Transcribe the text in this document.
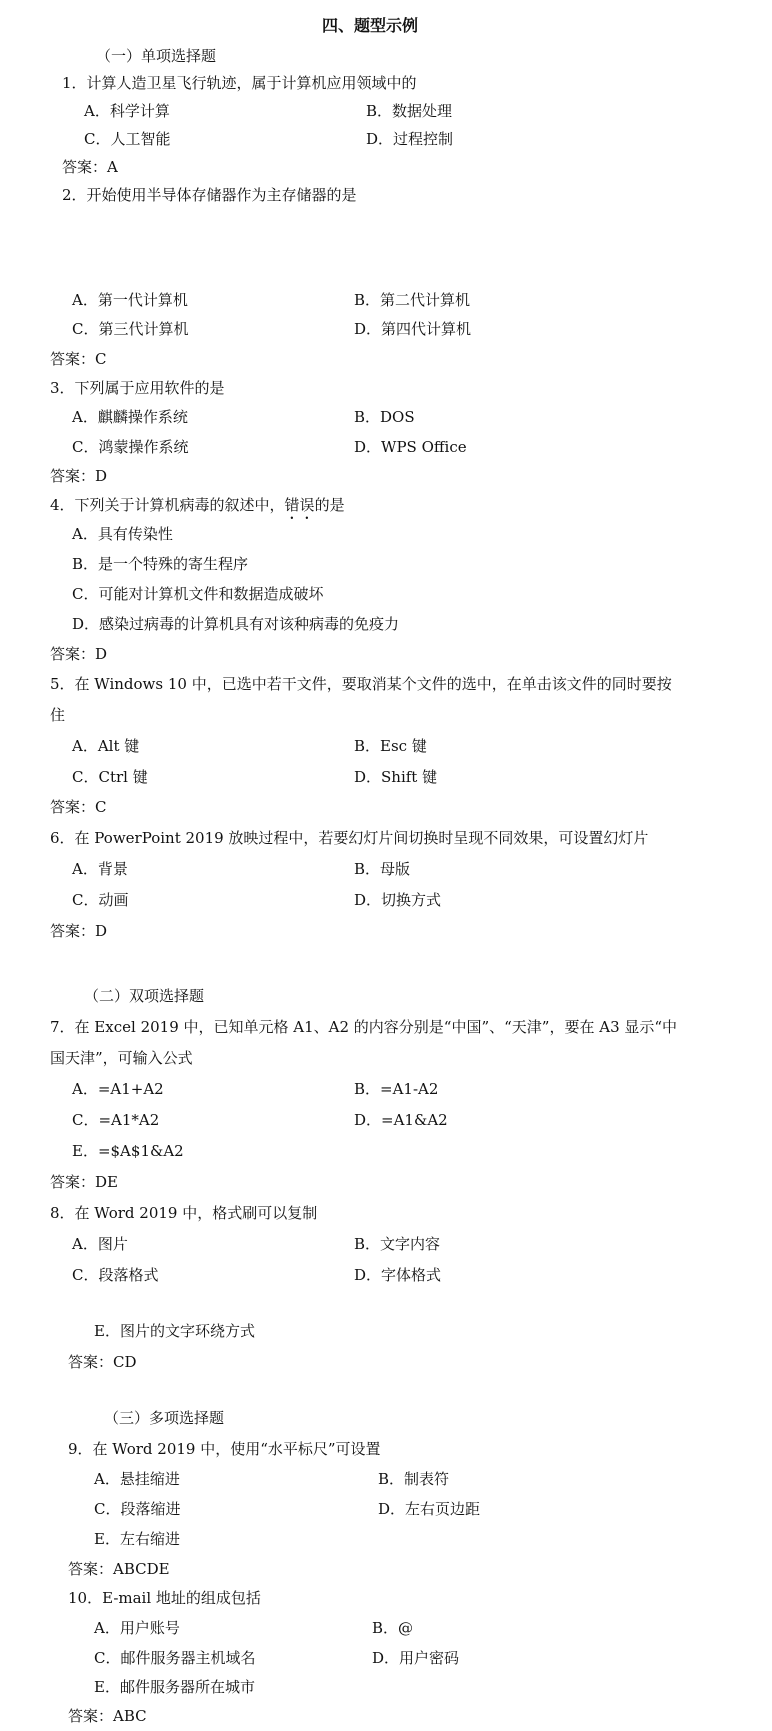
四、题型示例
（一）单项选择题
1．计算人造卫星飞行轨迹，属于计算机应用领域中的
A．科学计算	B．数据处理
C．人工智能	D．过程控制
答案：A
2．开始使用半导体存储器作为主存储器的是
A．第一代计算机	B．第二代计算机
C．第三代计算机	D．第四代计算机
答案：C
3．下列属于应用软件的是
A．麒麟操作系统	B．DOS
C．鸿蒙操作系统	D．WPS Office
答案：D
4．下列关于计算机病毒的叙述中，错误的是
A．具有传染性
B．是一个特殊的寄生程序
C．可能对计算机文件和数据造成破坏
D．感染过病毒的计算机具有对该种病毒的免疫力
答案：D
5．在 Windows 10 中，已选中若干文件，要取消某个文件的选中，在单击该文件的同时要按
住
A．Alt 键	B．Esc 键
C．Ctrl 键	D．Shift 键
答案：C
6．在 PowerPoint 2019 放映过程中，若要幻灯片间切换时呈现不同效果，可设置幻灯片
A．背景	B．母版
C．动画	D．切换方式
答案：D
（二）双项选择题
7．在 Excel 2019 中，已知单元格 A1、A2 的内容分别是“中国”、“天津”，要在 A3 显示“中
国天津”，可输入公式
A．=A1+A2	B．=A1-A2
C．=A1*A2	D．=A1&A2
E．=$A$1&A2
答案：DE
8．在 Word 2019 中，格式刷可以复制
A．图片	B．文字内容
C．段落格式	D．字体格式
E．图片的文字环绕方式
答案：CD
（三）多项选择题
9．在 Word 2019 中，使用“水平标尺”可设置
A．悬挂缩进	B．制表符
C．段落缩进	D．左右页边距
E．左右缩进
答案：ABCDE
10．E-mail 地址的组成包括
A．用户账号	B．@
C．邮件服务器主机域名	D．用户密码
E．邮件服务器所在城市
答案：ABC
